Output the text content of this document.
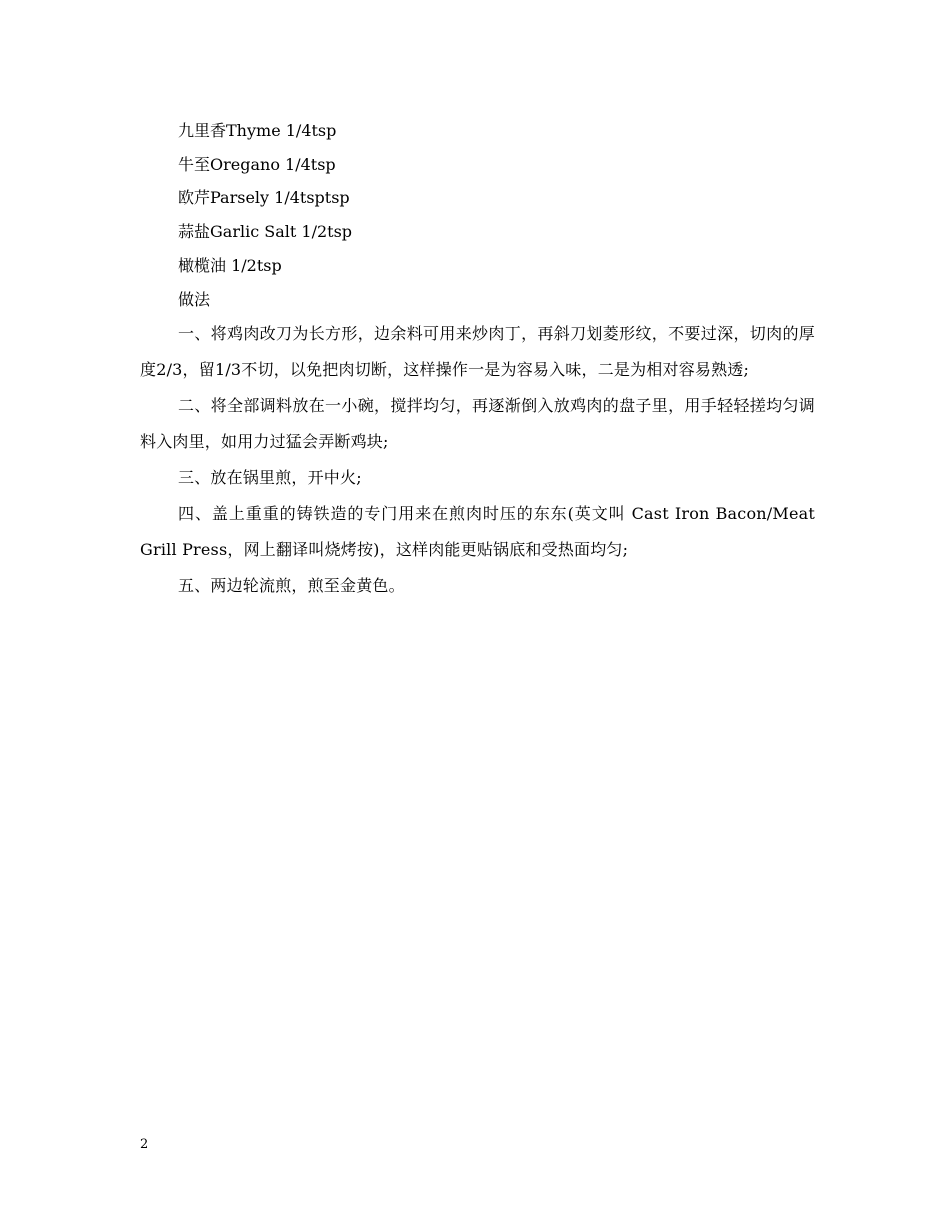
九里香Thyme 1/4tsp
牛至Oregano 1/4tsp
欧芹Parsely 1/4tsptsp
蒜盐Garlic Salt 1/2tsp
橄榄油 1/2tsp
做法
一、将鸡肉改刀为长方形，边余料可用来炒肉丁，再斜刀划菱形纹，不要过深，切肉的厚度2/3，留1/3不切，以免把肉切断，这样操作一是为容易入味，二是为相对容易熟透;
二、将全部调料放在一小碗，搅拌均匀，再逐渐倒入放鸡肉的盘子里，用手轻轻搓均匀调料入肉里，如用力过猛会弄断鸡块;
三、放在锅里煎，开中火;
四、盖上重重的铸铁造的专门用来在煎肉时压的东东(英文叫 Cast Iron Bacon/Meat Grill Press，网上翻译叫烧烤按)，这样肉能更贴锅底和受热面均匀;
五、两边轮流煎，煎至金黄色。
2
